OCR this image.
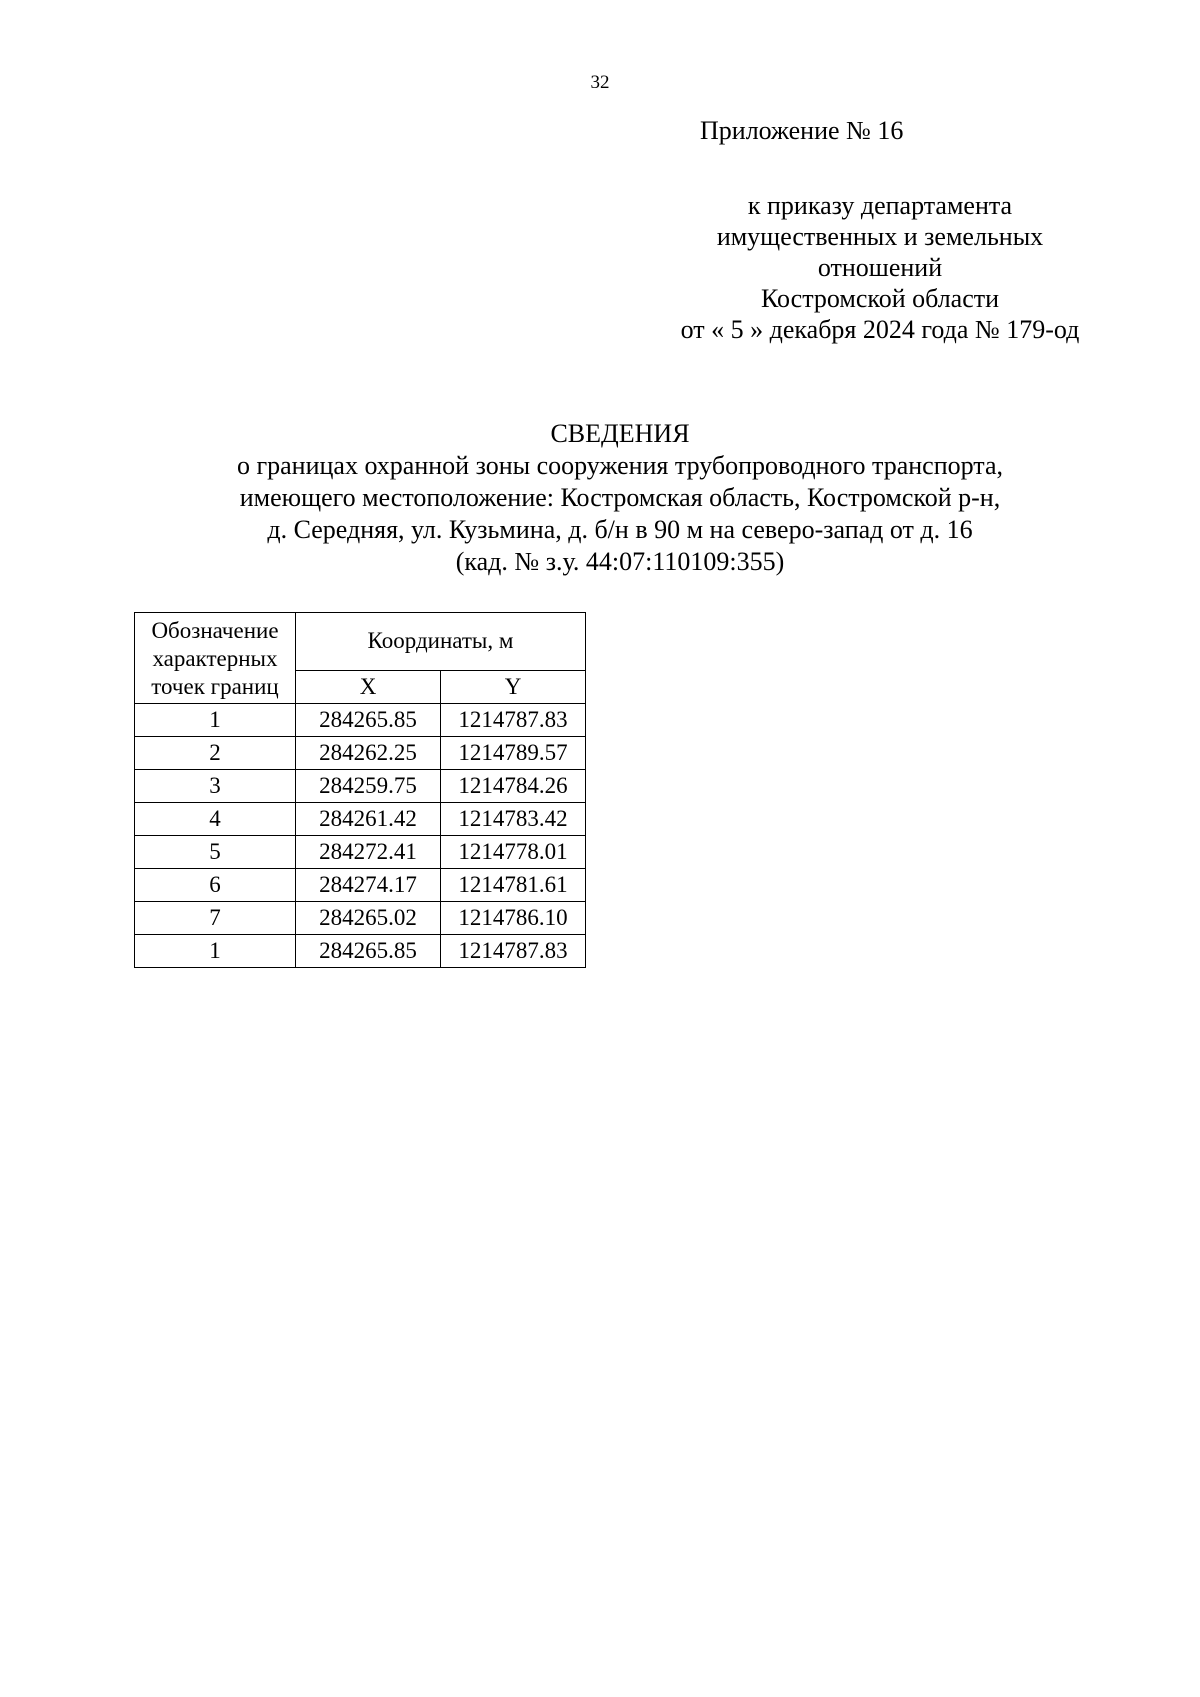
32
Приложение № 16
к приказу департамента
имущественных и земельных
отношений
Костромской области
от « 5 » декабря 2024 года № 179-од
СВЕДЕНИЯ
о границах охранной зоны сооружения трубопроводного транспорта,
имеющего местоположение: Костромская область, Костромской р-н,
д. Середняя, ул. Кузьмина, д. б/н в 90 м на северо-запад от д. 16
(кад. № з.у. 44:07:110109:355)
Обозначение
характерных
точек границ	Координаты, м	
	X	Y
1	284265.85	1214787.83
2	284262.25	1214789.57
3	284259.75	1214784.26
4	284261.42	1214783.42
5	284272.41	1214778.01
6	284274.17	1214781.61
7	284265.02	1214786.10
1	284265.85	1214787.83
